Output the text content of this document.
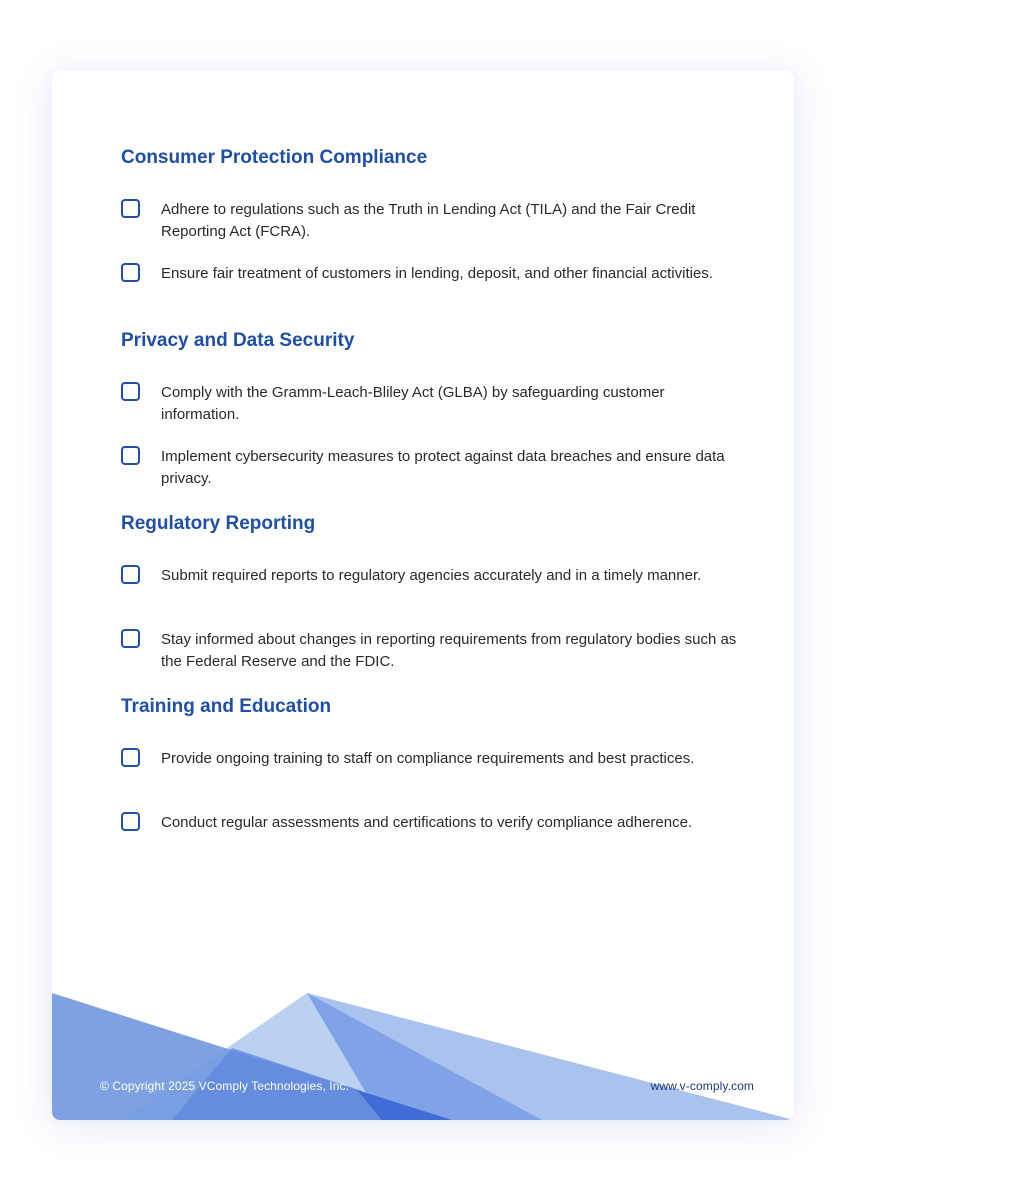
Consumer Protection Compliance
Adhere to regulations such as the Truth in Lending Act (TILA) and the Fair Credit Reporting Act (FCRA).
Ensure fair treatment of customers in lending, deposit, and other financial activities.
Privacy and Data Security
Comply with the Gramm-Leach-Bliley Act (GLBA) by safeguarding customer information.
Implement cybersecurity measures to protect against data breaches and ensure data privacy.
Regulatory Reporting
Submit required reports to regulatory agencies accurately and in a timely manner.
Stay informed about changes in reporting requirements from regulatory bodies such as the Federal Reserve and the FDIC.
Training and Education
Provide ongoing training to staff on compliance requirements and best practices.
Conduct regular assessments and certifications to verify compliance adherence.
© Copyright 2025 VComply Technologies, Inc.	www.v-comply.com
